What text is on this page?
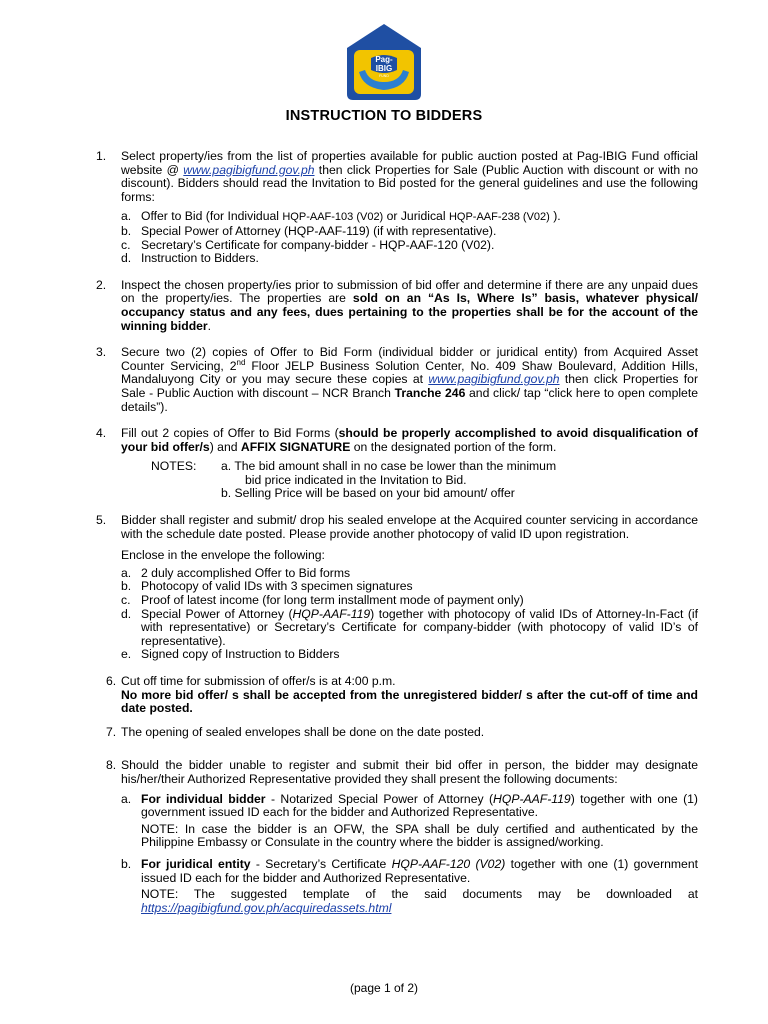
Pag-
IBIG
FUND
INSTRUCTION TO BIDDERS
1. Select property/ies from the list of properties available for public auction posted at Pag-IBIG Fund official website @ www.pagibigfund.gov.ph then click Properties for Sale (Public Auction with discount or with no discount). Bidders should read the Invitation to Bid posted for the general guidelines and use the following forms:
a. Offer to Bid (for Individual HQP-AAF-103 (V02) or Juridical HQP-AAF-238 (V02) ).
b. Special Power of Attorney (HQP-AAF-119) (if with representative).
c. Secretary’s Certificate for company-bidder - HQP-AAF-120 (V02).
d. Instruction to Bidders.
2. Inspect the chosen property/ies prior to submission of bid offer and determine if there are any unpaid dues on the property/ies. The properties are sold on an “As Is, Where Is” basis, whatever physical/ occupancy status and any fees, dues pertaining to the properties shall be for the account of the winning bidder.
3. Secure two (2) copies of Offer to Bid Form (individual bidder or juridical entity) from Acquired Asset Counter Servicing, 2nd Floor JELP Business Solution Center, No. 409 Shaw Boulevard, Addition Hills, Mandaluyong City or you may secure these copies at www.pagibigfund.gov.ph then click Properties for Sale - Public Auction with discount – NCR Branch Tranche 246 and click/ tap “click here to open complete details”).
4. Fill out 2 copies of Offer to Bid Forms (should be properly accomplished to avoid disqualification of your bid offer/s) and AFFIX SIGNATURE on the designated portion of the form.
NOTES:	a. The bid amount shall in no case be lower than the minimum
bid price indicated in the Invitation to Bid.
b. Selling Price will be based on your bid amount/ offer
5. Bidder shall register and submit/ drop his sealed envelope at the Acquired counter servicing in accordance with the schedule date posted. Please provide another photocopy of valid ID upon registration.
Enclose in the envelope the following:
a. 2 duly accomplished Offer to Bid forms
b. Photocopy of valid IDs with 3 specimen signatures
c. Proof of latest income (for long term installment mode of payment only)
d. Special Power of Attorney (HQP-AAF-119) together with photocopy of valid IDs of Attorney-In-Fact (if with representative) or Secretary’s Certificate for company-bidder (with photocopy of valid ID’s of representative).
e. Signed copy of Instruction to Bidders
6. Cut off time for submission of offer/s is at 4:00 p.m.
No more bid offer/ s shall be accepted from the unregistered bidder/ s after the cut-off of time and date posted.
7. The opening of sealed envelopes shall be done on the date posted.
8. Should the bidder unable to register and submit their bid offer in person, the bidder may designate his/her/their Authorized Representative provided they shall present the following documents:
a. For individual bidder - Notarized Special Power of Attorney (HQP-AAF-119) together with one (1) government issued ID each for the bidder and Authorized Representative.
NOTE: In case the bidder is an OFW, the SPA shall be duly certified and authenticated by the Philippine Embassy or Consulate in the country where the bidder is assigned/working.
b. For juridical entity - Secretary’s Certificate HQP-AAF-120 (V02) together with one (1) government issued ID each for the bidder and Authorized Representative.
NOTE: The suggested template of the said documents may be downloaded at https://pagibigfund.gov.ph/acquiredassets.html
(page 1 of 2)
